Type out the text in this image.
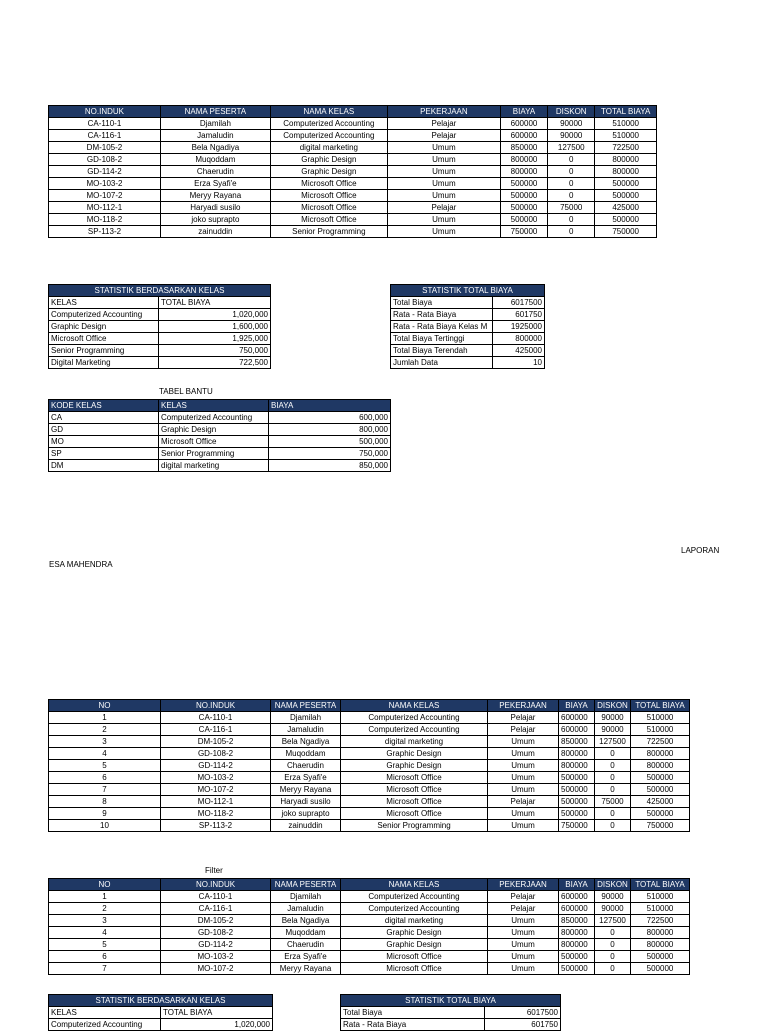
NO.INDUK	NAMA PESERTA	NAMA KELAS	PEKERJAAN	BIAYA	DISKON	TOTAL BIAYA
CA-110-1	Djamilah	Computerized Accounting	Pelajar	600000	90000	510000
CA-116-1	Jamaludin	Computerized Accounting	Pelajar	600000	90000	510000
DM-105-2	Bela Ngadiya	digital marketing	Umum	850000	127500	722500
GD-108-2	Muqoddam	Graphic Design	Umum	800000	0	800000
GD-114-2	Chaerudin	Graphic Design	Umum	800000	0	800000
MO-103-2	Erza Syafi'e	Microsoft Office	Umum	500000	0	500000
MO-107-2	Meryy Rayana	Microsoft Office	Umum	500000	0	500000
MO-112-1	Haryadi susilo	Microsoft Office	Pelajar	500000	75000	425000
MO-118-2	joko suprapto	Microsoft Office	Umum	500000	0	500000
SP-113-2	zainuddin	Senior Programming	Umum	750000	0	750000
STATISTIK BERDASARKAN KELAS	
KELAS	TOTAL BIAYA
Computerized Accounting	1,020,000
Graphic Design	1,600,000
Microsoft Office	1,925,000
Senior Programming	750,000
Digital Marketing	722,500
STATISTIK TOTAL BIAYA	
Total Biaya	6017500
Rata - Rata Biaya	601750
Rata - Rata Biaya Kelas M	1925000
Total Biaya Tertinggi	800000
Total Biaya Terendah	425000
Jumlah Data	10
TABEL BANTU
KODE KELAS	KELAS	BIAYA
CA	Computerized Accounting	600,000
GD	Graphic Design	800,000
MO	Microsoft Office	500,000
SP	Senior Programming	750,000
DM	digital marketing	850,000
LAPORAN
ESA MAHENDRA
NO	NO.INDUK	NAMA PESERTA	NAMA KELAS	PEKERJAAN	BIAYA	DISKON	TOTAL BIAYA
1	CA-110-1	Djamilah	Computerized Accounting	Pelajar	600000	90000	510000
2	CA-116-1	Jamaludin	Computerized Accounting	Pelajar	600000	90000	510000
3	DM-105-2	Bela Ngadiya	digital marketing	Umum	850000	127500	722500
4	GD-108-2	Muqoddam	Graphic Design	Umum	800000	0	800000
5	GD-114-2	Chaerudin	Graphic Design	Umum	800000	0	800000
6	MO-103-2	Erza Syafi'e	Microsoft Office	Umum	500000	0	500000
7	MO-107-2	Meryy Rayana	Microsoft Office	Umum	500000	0	500000
8	MO-112-1	Haryadi susilo	Microsoft Office	Pelajar	500000	75000	425000
9	MO-118-2	joko suprapto	Microsoft Office	Umum	500000	0	500000
10	SP-113-2	zainuddin	Senior Programming	Umum	750000	0	750000
Filter
NO	NO.INDUK	NAMA PESERTA	NAMA KELAS	PEKERJAAN	BIAYA	DISKON	TOTAL BIAYA
1	CA-110-1	Djamilah	Computerized Accounting	Pelajar	600000	90000	510000
2	CA-116-1	Jamaludin	Computerized Accounting	Pelajar	600000	90000	510000
3	DM-105-2	Bela Ngadiya	digital marketing	Umum	850000	127500	722500
4	GD-108-2	Muqoddam	Graphic Design	Umum	800000	0	800000
5	GD-114-2	Chaerudin	Graphic Design	Umum	800000	0	800000
6	MO-103-2	Erza Syafi'e	Microsoft Office	Umum	500000	0	500000
7	MO-107-2	Meryy Rayana	Microsoft Office	Umum	500000	0	500000
STATISTIK BERDASARKAN KELAS	
KELAS	TOTAL BIAYA
Computerized Accounting	1,020,000
STATISTIK TOTAL BIAYA	
Total Biaya	6017500
Rata - Rata Biaya	601750
